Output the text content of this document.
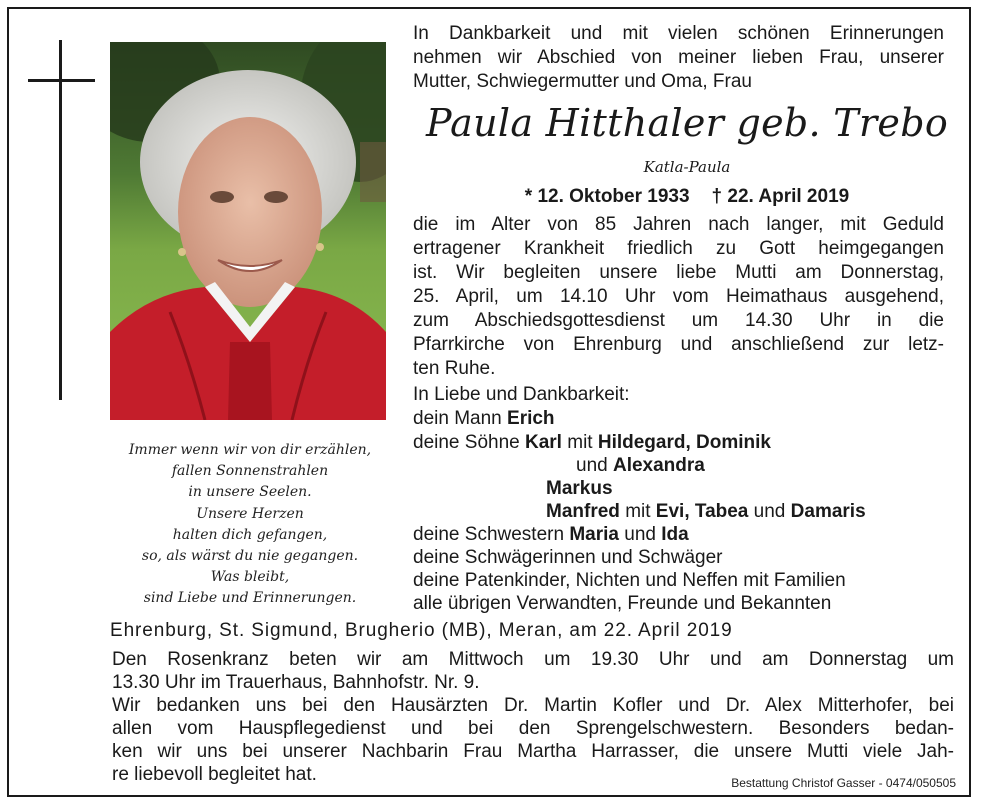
Immer wenn wir von dir erzählen,
fallen Sonnenstrahlen
in unsere Seelen.
Unsere Herzen
halten dich gefangen,
so, als wärst du nie gegangen.
Was bleibt,
sind Liebe und Erinnerungen.
In Dankbarkeit und mit vielen schönen Erinnerungen
nehmen wir Abschied von meiner lieben Frau, unserer
Mutter, Schwiegermutter und Oma, Frau
Paula Hitthaler geb. Trebo
Katla-Paula
* 12. Oktober 1933 † 22. April 2019
die im Alter von 85 Jahren nach langer, mit Geduld
ertragener Krankheit friedlich zu Gott heimgegangen
ist. Wir begleiten unsere liebe Mutti am Donnerstag,
25. April, um 14.10 Uhr vom Heimathaus ausgehend,
zum Abschiedsgottesdienst um 14.30 Uhr in die
Pfarrkirche von Ehrenburg und anschließend zur letz-
ten Ruhe.
In Liebe und Dankbarkeit:
dein Mann Erich
deine Söhne Karl mit Hildegard, Dominik
und Alexandra
Markus
Manfred mit Evi, Tabea und Damaris
deine Schwestern Maria und Ida
deine Schwägerinnen und Schwäger
deine Patenkinder, Nichten und Neffen mit Familien
alle übrigen Verwandten, Freunde und Bekannten
Ehrenburg, St. Sigmund, Brugherio (MB), Meran, am 22. April 2019
Den Rosenkranz beten wir am Mittwoch um 19.30 Uhr und am Donnerstag um
13.30 Uhr im Trauerhaus, Bahnhofstr. Nr. 9.
Wir bedanken uns bei den Hausärzten Dr. Martin Kofler und Dr. Alex Mitterhofer, bei
allen vom Hauspflegedienst und bei den Sprengelschwestern. Besonders bedan-
ken wir uns bei unserer Nachbarin Frau Martha Harrasser, die unsere Mutti viele Jah-
re liebevoll begleitet hat.	Bestattung Christof Gasser - 0474/050505
